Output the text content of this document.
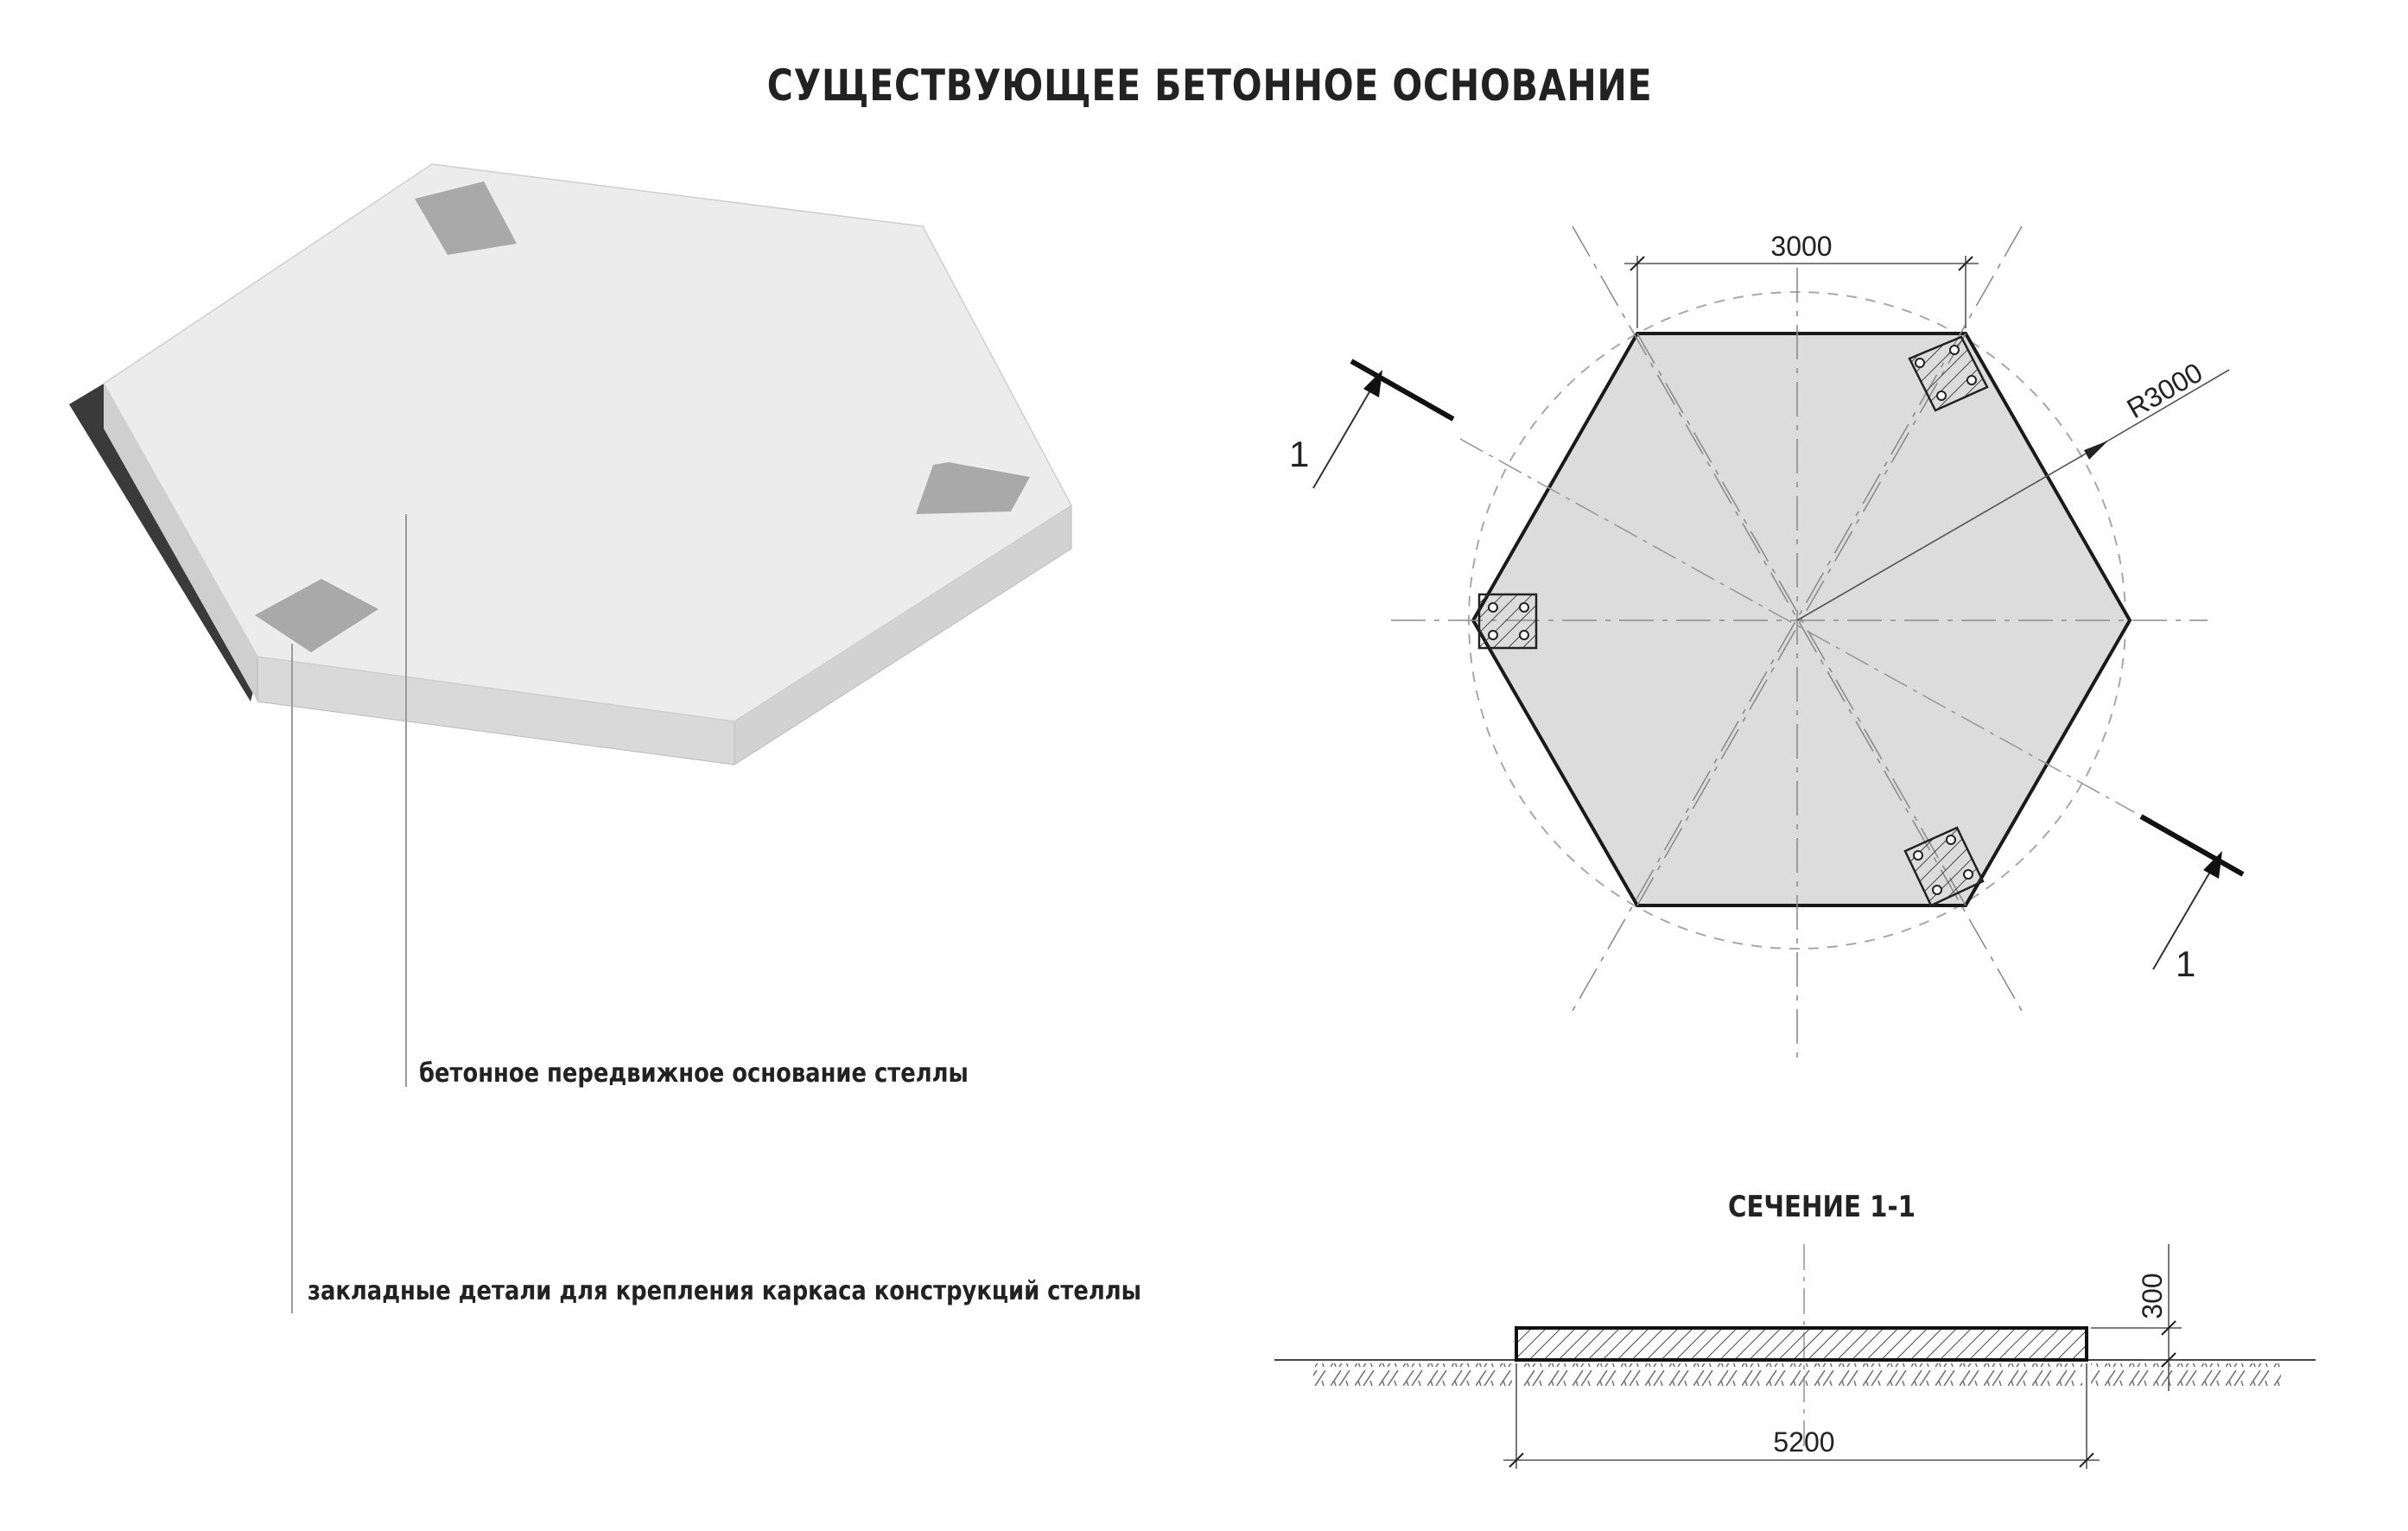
R3000
3000
1
1
300
5200
СУЩЕСТВУЮЩЕЕ БЕТОННОЕ ОСНОВАНИЕ
бетонное передвижное основание стеллы
закладные детали для крепления каркаса конструкций стеллы
СЕЧЕНИЕ 1-1
